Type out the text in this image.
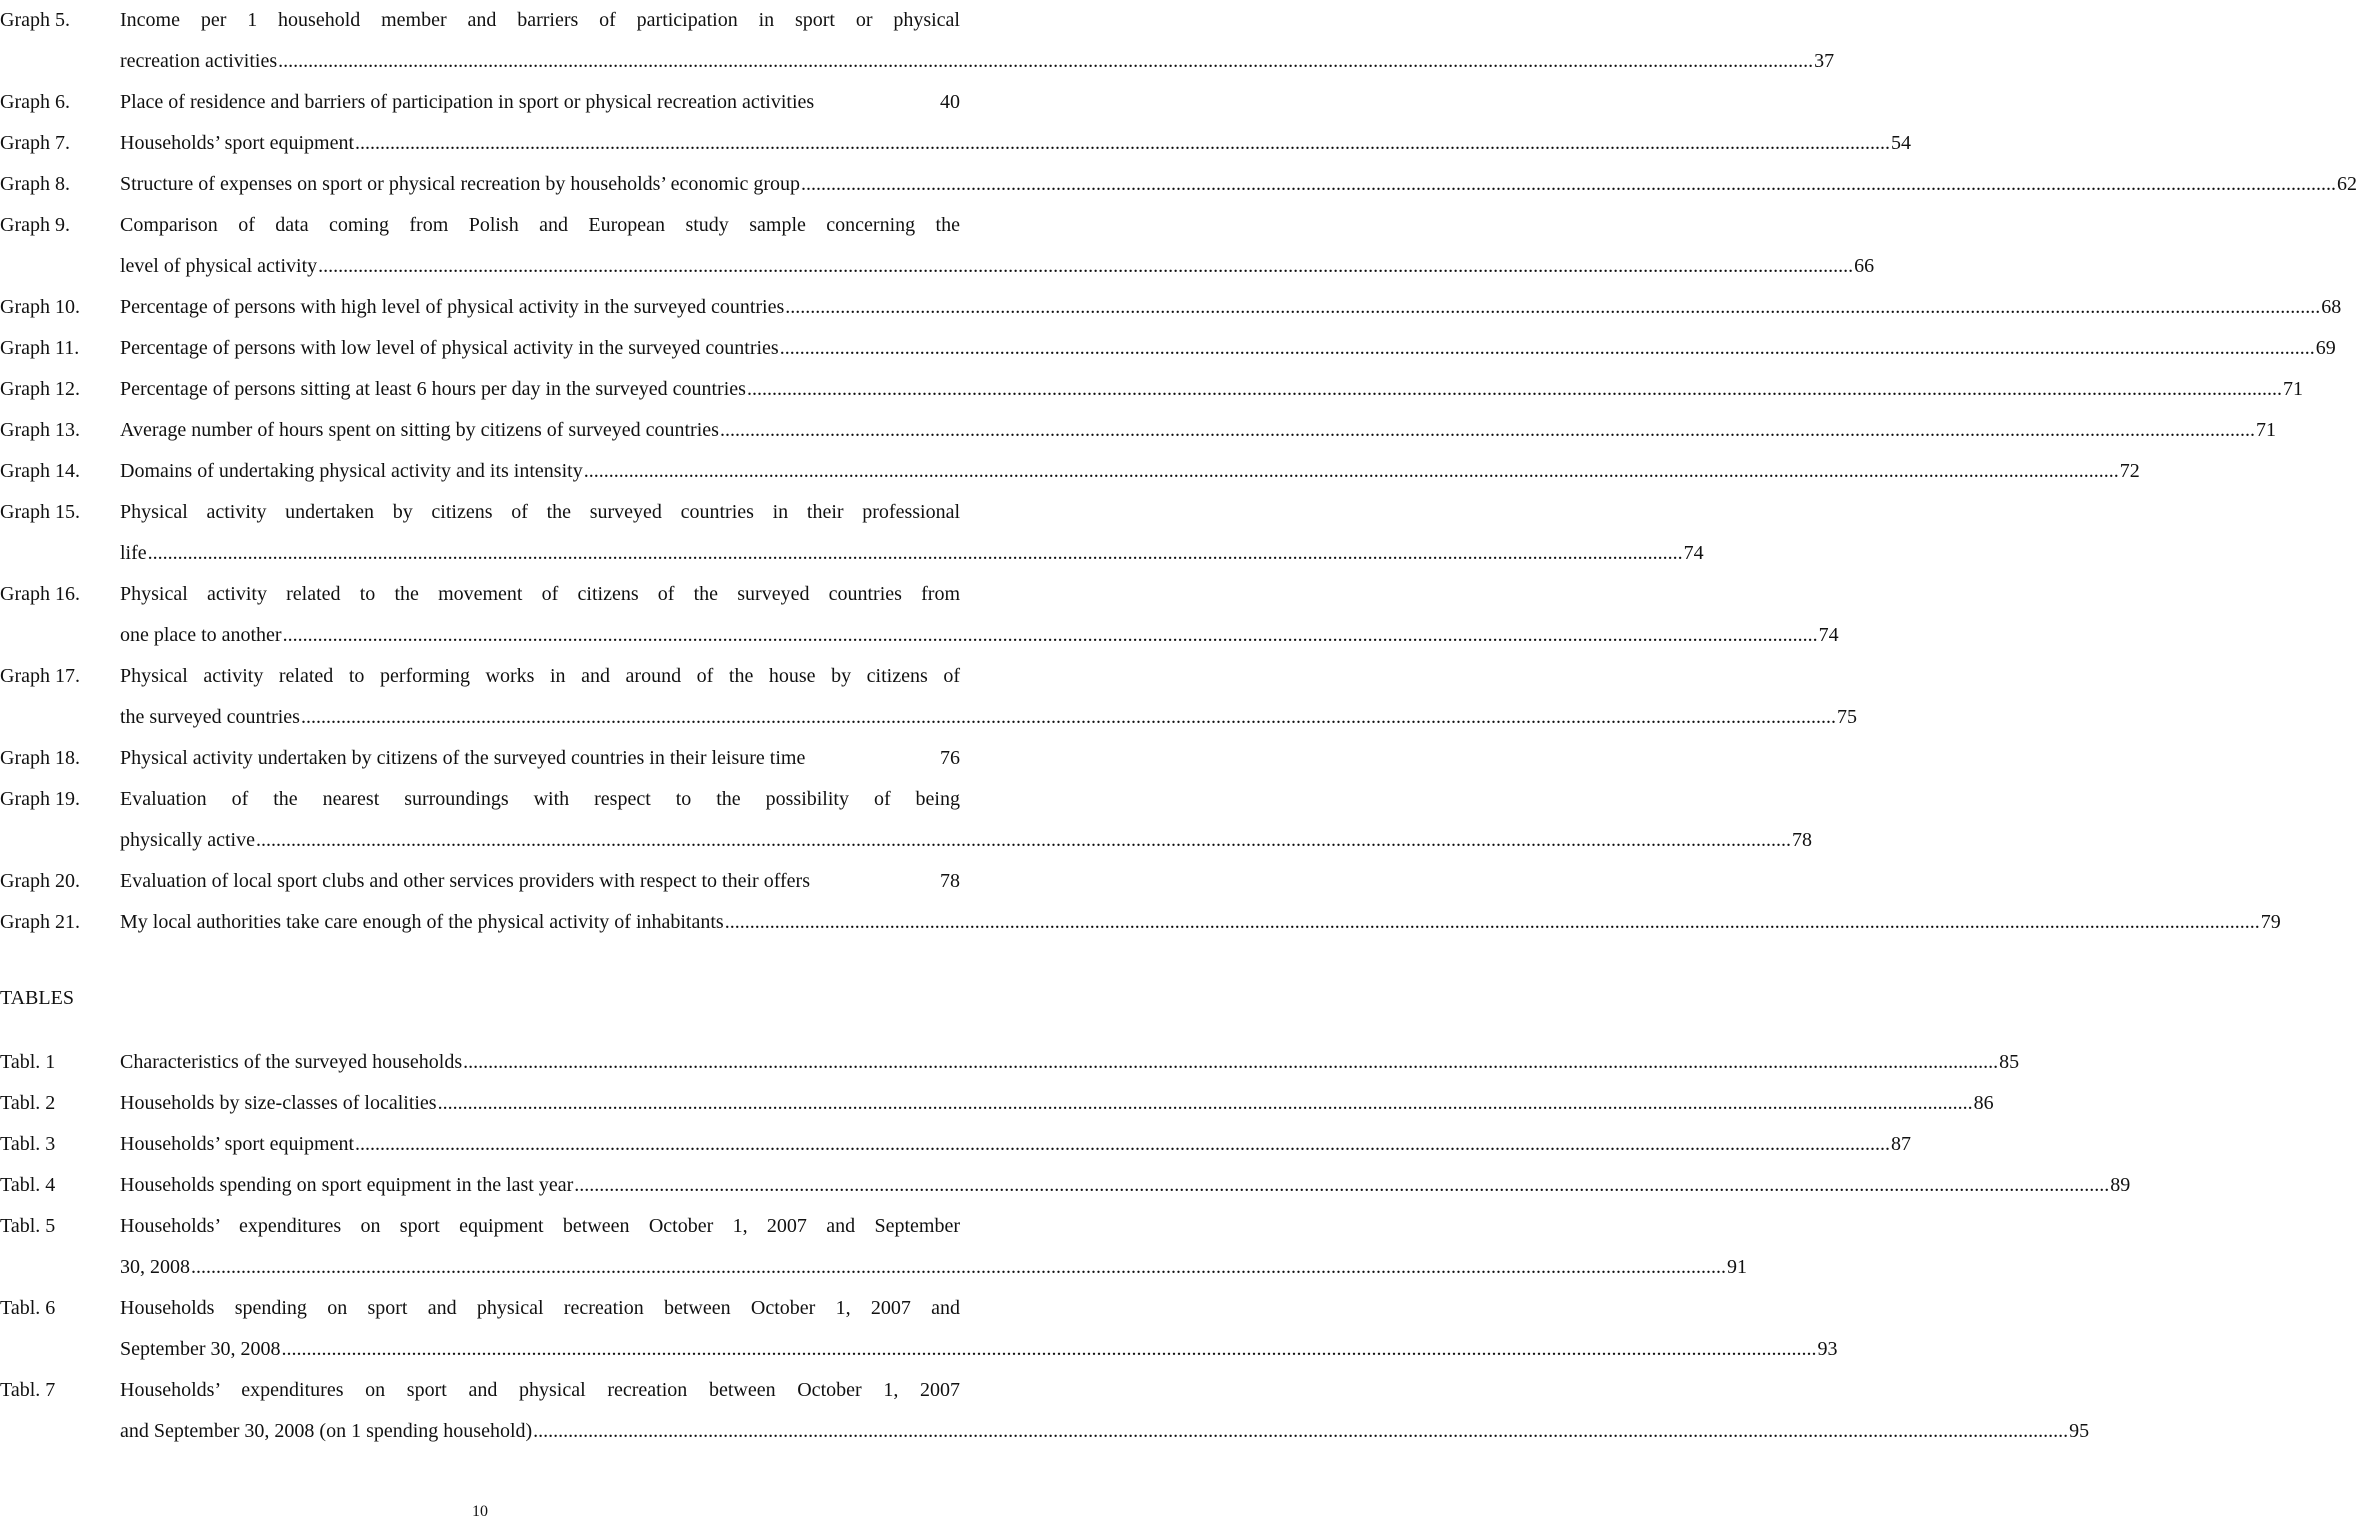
Graph 5.	Income per 1 household member and barriers of participation in sport or physical
recreation activities .....	37
Graph 6.	Place of residence and barriers of participation in sport or physical recreation activities	40
Graph 7.	Households’ sport equipment .....	54
Graph 8.	Structure of expenses on sport or physical recreation by households’ economic group .....	62
Graph 9.	Comparison of data coming from Polish and European study sample concerning the
level of physical activity .....	66
Graph 10. Percentage of persons with high level of physical activity in the surveyed countries .....	68
Graph 11. Percentage of persons with low level of physical activity in the surveyed countries .....	69
Graph 12. Percentage of persons sitting at least 6 hours per day in the surveyed countries .....	71
Graph 13. Average number of hours spent on sitting by citizens of surveyed countries .....	71
Graph 14. Domains of undertaking physical activity and its intensity .....	72
Graph 15. Physical activity undertaken by citizens of the surveyed countries in their professional
life .....	74
Graph 16. Physical activity related to the movement of citizens of the surveyed countries from
one place to another .....	74
Graph 17. Physical activity related to performing works in and around of the house by citizens of
the surveyed countries .....	75
Graph 18. Physical activity undertaken by citizens of the surveyed countries in their leisure time	76
Graph 19. Evaluation of the nearest surroundings with respect to the possibility of being
physically active .....	78
Graph 20. Evaluation of local sport clubs and other services providers with respect to their offers	78
Graph 21. My local authorities take care enough of the physical activity of inhabitants .....	79
TABLES
Tabl. 1	Characteristics of the surveyed households .....	85
Tabl. 2	Households by size-classes of localities .....	86
Tabl. 3	Households’ sport equipment .....	87
Tabl. 4	Households spending on sport equipment in the last year .....	89
Tabl. 5	Households’ expenditures on sport equipment between October 1, 2007 and September
30, 2008 .....	91
Tabl. 6	Households spending on sport and physical recreation between October 1, 2007 and
September 30, 2008 .....	93
Tabl. 7	Households’ expenditures on sport and physical recreation between October 1, 2007
and September 30, 2008 (on 1 spending household) .....	95
10
